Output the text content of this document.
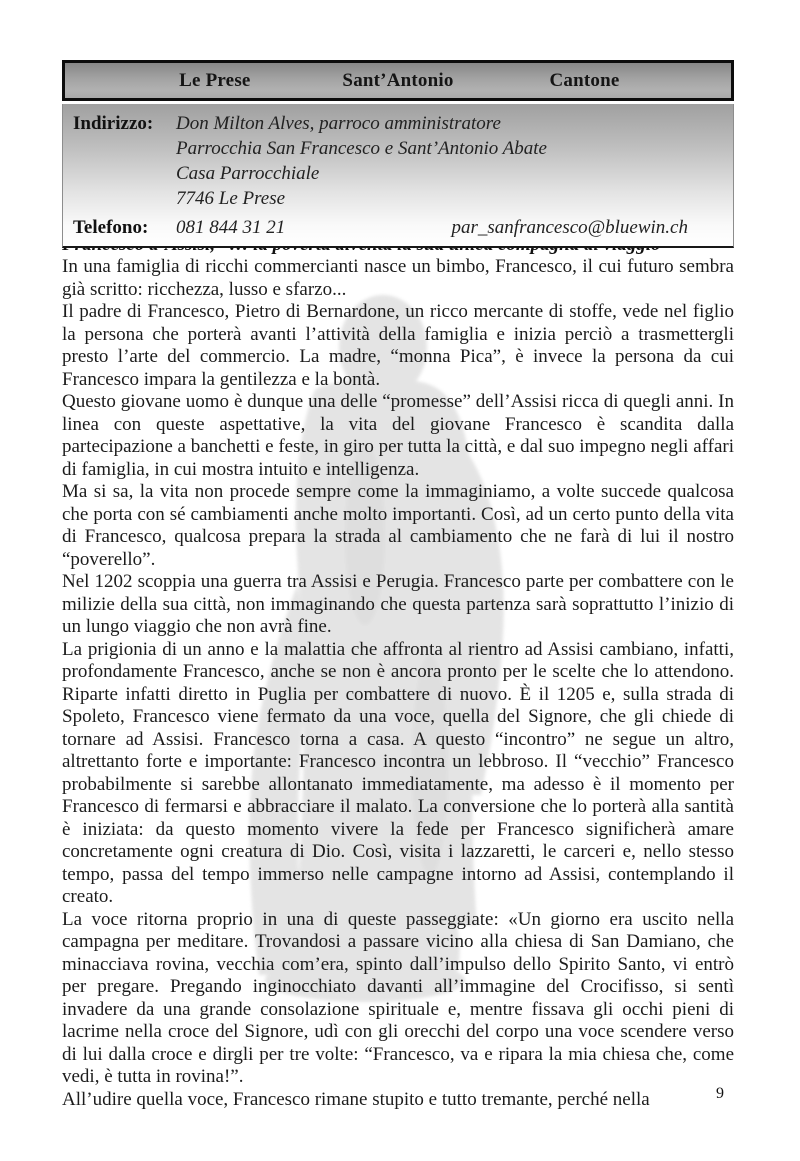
Le Prese	Sant’Antonio	Cantone
Indirizzo:	Don Milton Alves, parroco amministratore
Parrocchia San Francesco e Sant’Antonio Abate
Casa Parrocchiale
7746 Le Prese
Telefono:	081 844 31 21	par_sanfrancesco@bluewin.ch

In una famiglia di ricchi commercianti nasce un bimbo, Francesco, il cui futuro sembra già scritto: ricchezza, lusso e sfarzo...

Il padre di Francesco, Pietro di Bernardone, un ricco mercante di stoffe, vede nel figlio la persona che porterà avanti l’attività della famiglia e inizia perciò a trasmettergli presto l’arte del commercio. La madre, “monna Pica”, è invece la persona da cui Francesco impara la gentilezza e la bontà.

Questo giovane uomo è dunque una delle “promesse” dell’Assisi ricca di quegli anni. In linea con queste aspettative, la vita del giovane Francesco è scandita dalla partecipazione a banchetti e feste, in giro per tutta la città, e dal suo impegno negli affari di famiglia, in cui mostra intuito e intelligenza.

Ma si sa, la vita non procede sempre come la immaginiamo, a volte succede qualcosa che porta con sé cambiamenti anche molto importanti. Così, ad un certo punto della vita di Francesco, qualcosa prepara la strada al cambiamento che ne farà di lui il nostro “poverello”.

Nel 1202 scoppia una guerra tra Assisi e Perugia. Francesco parte per combattere con le milizie della sua città, non immaginando che questa partenza sarà soprattutto l’inizio di un lungo viaggio che non avrà fine.

La prigionia di un anno e la malattia che affronta al rientro ad Assisi cambiano, infatti, profondamente Francesco, anche se non è ancora pronto per le scelte che lo attendono. Riparte infatti diretto in Puglia per combattere di nuovo. È il 1205 e, sulla strada di Spoleto, Francesco viene fermato da una voce, quella del Signore, che gli chiede di tornare ad Assisi. Francesco torna a casa. A questo “incontro” ne segue un altro, altrettanto forte e importante: Francesco incontra un lebbroso. Il “vecchio” Francesco probabilmente si sarebbe allontanato immediatamente, ma adesso è il momento per Francesco di fermarsi e abbracciare il malato. La conversione che lo porterà alla santità è iniziata: da questo momento vivere la fede per Francesco significherà amare concretamente ogni creatura di Dio. Così, visita i lazzaretti, le carceri e, nello stesso tempo, passa del tempo immerso nelle campagne intorno ad Assisi, contemplando il creato.

La voce ritorna proprio in una di queste passeggiate: «Un giorno era uscito nella campagna per meditare. Trovandosi a passare vicino alla chiesa di San Damiano, che minacciava rovina, vecchia com’era, spinto dall’impulso dello Spirito Santo, vi entrò per pregare. Pregando inginocchiato davanti all’immagine del Crocifisso, si sentì invadere da una grande consolazione spirituale e, mentre fissava gli occhi pieni di lacrime nella croce del Signore, udì con gli orecchi del corpo una voce scendere verso di lui dalla croce e dirgli per tre volte: “Francesco, va e ripara la mia chiesa che, come vedi, è tutta in rovina!”.

All’udire quella voce, Francesco rimane stupito e tutto tremante, perché nella	9
